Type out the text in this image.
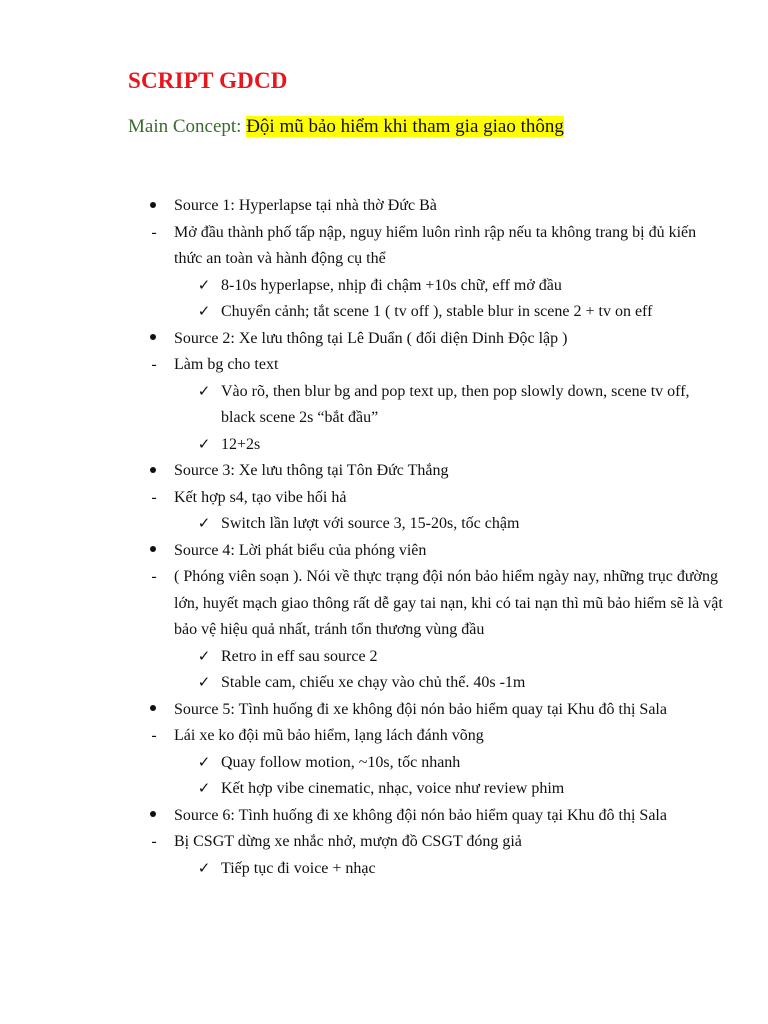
SCRIPT GDCD
Main Concept: Đội mũ bảo hiểm khi tham gia giao thông
Source 1: Hyperlapse tại nhà thờ Đức Bà
-	Mở đầu thành phố tấp nập, nguy hiểm luôn rình rập nếu ta không trang bị đủ kiến thức an toàn và hành động cụ thể
✓ 8-10s hyperlapse, nhịp đi chậm +10s chữ, eff mở đầu
✓ Chuyển cảnh; tắt scene 1 ( tv off ), stable blur in scene 2 + tv on eff
Source 2: Xe lưu thông tại Lê Duẩn ( đối diện Dinh Độc lập )
-	Làm bg cho text
✓ Vào rõ, then blur bg and pop text up, then pop slowly down, scene tv off, black scene 2s “bắt đầu”
✓ 12+2s
Source 3: Xe lưu thông tại Tôn Đức Thắng
-	Kết hợp s4, tạo vibe hối hả
✓ Switch lần lượt với source 3, 15-20s, tốc chậm
Source 4: Lời phát biểu của phóng viên
-	( Phóng viên soạn ). Nói về thực trạng đội nón bảo hiểm ngày nay, những trục đường lớn, huyết mạch giao thông rất dễ gay tai nạn, khi có tai nạn thì mũ bảo hiểm sẽ là vật bảo vệ hiệu quả nhất, tránh tổn thương vùng đầu
✓ Retro in eff sau source 2
✓ Stable cam, chiếu xe chạy vào chủ thể. 40s -1m
Source 5: Tình huống đi xe không đội nón bảo hiểm quay tại Khu đô thị Sala
-	Lái xe ko đội mũ bảo hiểm, lạng lách đánh võng
✓ Quay follow motion, ~10s, tốc nhanh
✓ Kết hợp vibe cinematic, nhạc, voice như review phim
Source 6: Tình huống đi xe không đội nón bảo hiểm quay tại Khu đô thị Sala
-	Bị CSGT dừng xe nhắc nhở, mượn đồ CSGT đóng giả
✓ Tiếp tục đi voice + nhạc
